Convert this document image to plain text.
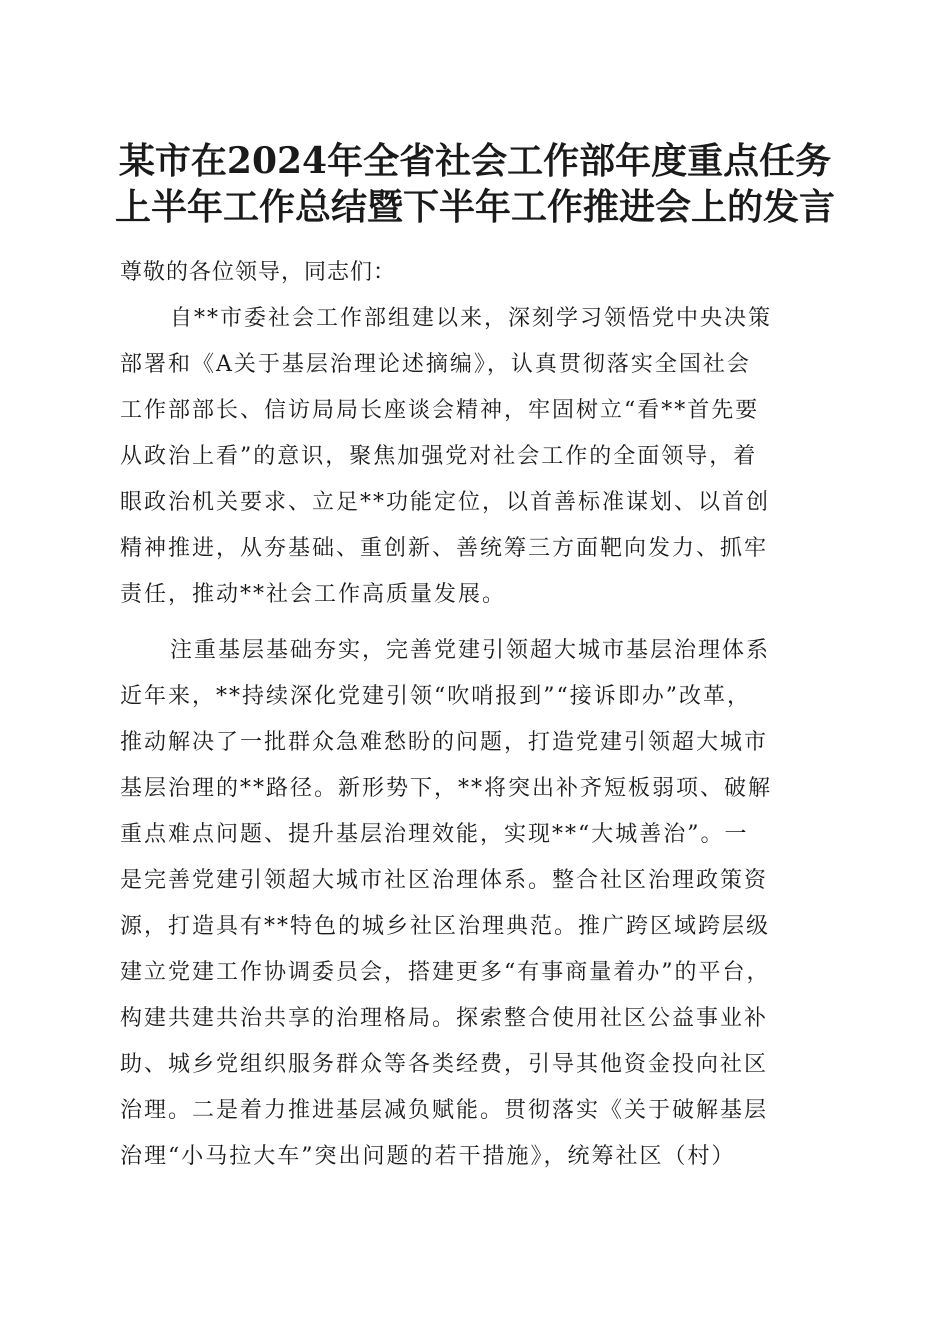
某市在2024年全省社会工作部年度重点任务
上半年工作总结暨下半年工作推进会上的发言

尊敬的各位领导，同志们：

自**市委社会工作部组建以来，深刻学习领悟党中央决策

部署和《A关于基层治理论述摘编》，认真贯彻落实全国社会

工作部部长、信访局局长座谈会精神，牢固树立“看**首先要

从政治上看”的意识，聚焦加强党对社会工作的全面领导，着

眼政治机关要求、立足**功能定位，以首善标准谋划、以首创

精神推进，从夯基础、重创新、善统筹三方面靶向发力、抓牢

责任，推动**社会工作高质量发展。

注重基层基础夯实，完善党建引领超大城市基层治理体系

近年来，**持续深化党建引领“吹哨报到”“接诉即办”改革，

推动解决了一批群众急难愁盼的问题，打造党建引领超大城市

基层治理的**路径。新形势下，**将突出补齐短板弱项、破解

重点难点问题、提升基层治理效能，实现**“大城善治”。一

是完善党建引领超大城市社区治理体系。整合社区治理政策资

源，打造具有**特色的城乡社区治理典范。推广跨区域跨层级

建立党建工作协调委员会，搭建更多“有事商量着办”的平台，

构建共建共治共享的治理格局。探索整合使用社区公益事业补

助、城乡党组织服务群众等各类经费，引导其他资金投向社区

治理。二是着力推进基层减负赋能。贯彻落实《关于破解基层

治理“小马拉大车”突出问题的若干措施》，统筹社区（村）
